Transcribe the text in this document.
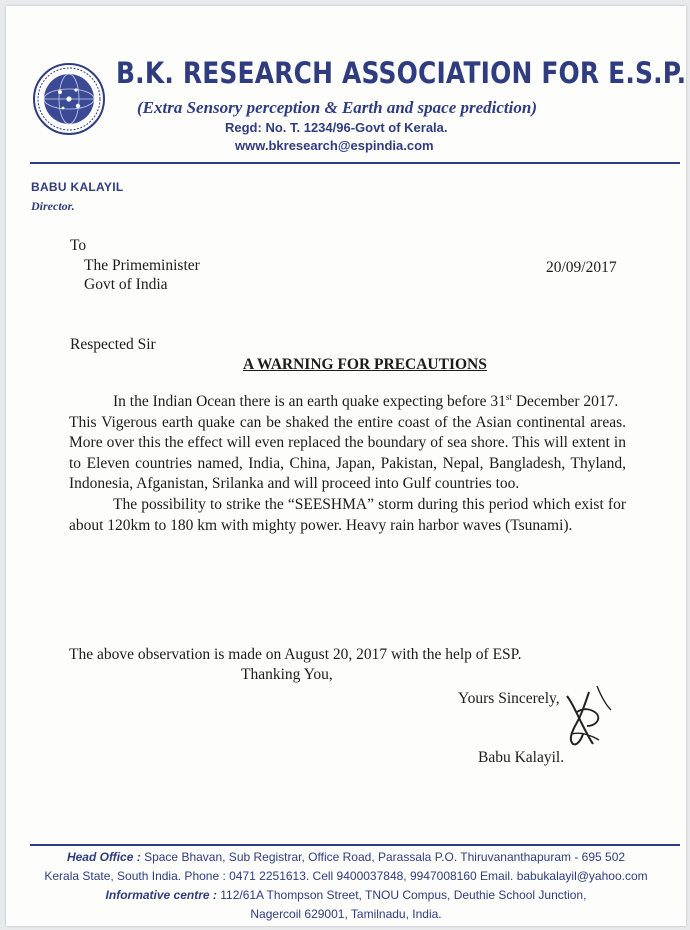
B.K. RESEARCH ASSOCIATION FOR E.S.P.
(Extra Sensory perception & Earth and space prediction)
Regd: No. T. 1234/96-Govt of Kerala.
www.bkresearch@espindia.com
BABU KALAYIL
Director.
To
The Primeminister
Govt of India
20/09/2017
Respected Sir
A WARNING FOR PRECAUTIONS

In the Indian Ocean there is an earth quake expecting before 31st December 2017.

This Vigerous earth quake can be shaked the entire coast of the Asian continental areas. More over this the effect will even replaced the boundary of sea shore. This will extent in to Eleven countries named, India, China, Japan, Pakistan, Nepal, Bangladesh, Thyland, Indonesia, Afganistan, Srilanka and will proceed into Gulf countries too.

The possibility to strike the “SEESHMA” storm during this period which exist for about 120km to 180 km with mighty power. Heavy rain harbor waves (Tsunami).

The above observation is made on August 20, 2017 with the help of ESP.
Thanking You,
Yours Sincerely,
Babu Kalayil.
Head Office : Space Bhavan, Sub Registrar, Office Road, Parassala P.O. Thiruvananthapuram - 695 502
Kerala State, South India. Phone : 0471 2251613. Cell 9400037848, 9947008160 Email. babukalayil@yahoo.com
Informative centre : 112/61A Thompson Street, TNOU Compus, Deuthie School Junction,
Nagercoil 629001, Tamilnadu, India.
